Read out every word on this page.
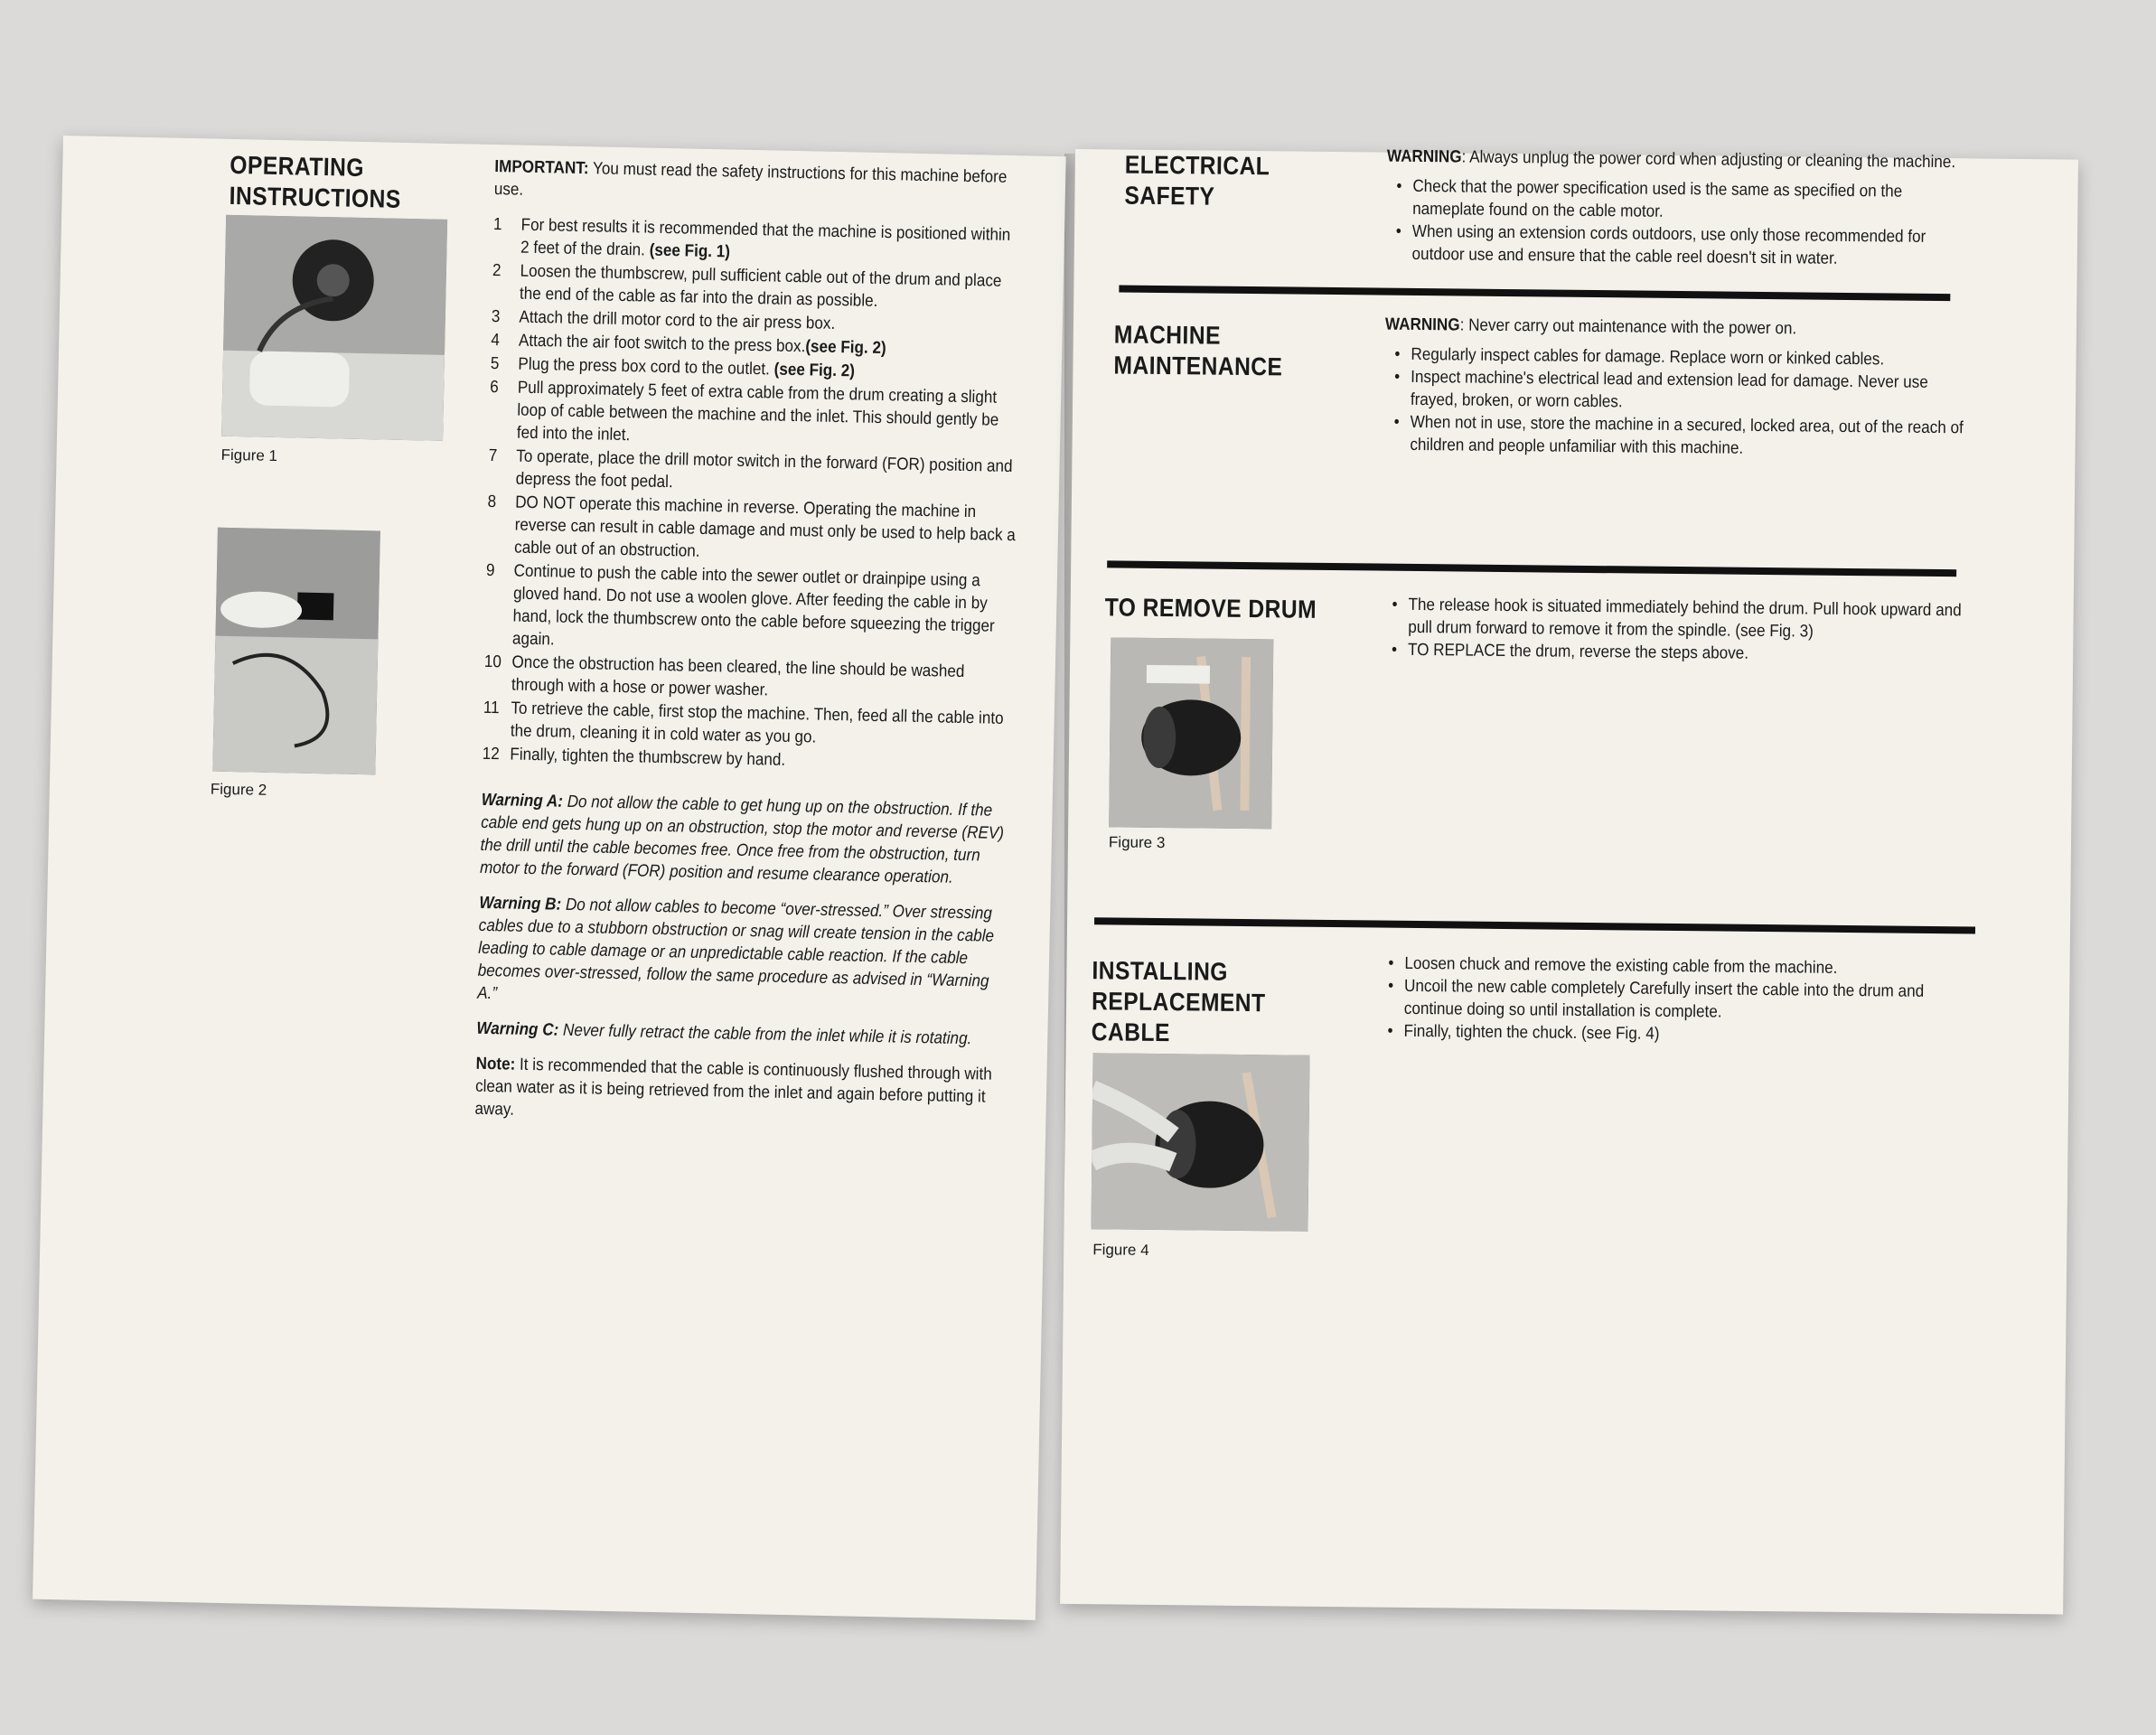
OPERATING
INSTRUCTIONS
Figure 1
Figure 2
IMPORTANT: You must read the safety instructions for this machine before use.
1 For best results it is recommended that the machine is positioned within 2 feet of the drain. (see Fig. 1)
2 Loosen the thumbscrew, pull sufficient cable out of the drum and place the end of the cable as far into the drain as possible.
3 Attach the drill motor cord to the air press box.
4 Attach the air foot switch to the press box.(see Fig. 2)
5 Plug the press box cord to the outlet. (see Fig. 2)
6 Pull approximately 5 feet of extra cable from the drum creating a slight loop of cable between the machine and the inlet. This should gently be fed into the inlet.
7 To operate, place the drill motor switch in the forward (FOR) position and depress the foot pedal.
8 DO NOT operate this machine in reverse. Operating the machine in reverse can result in cable damage and must only be used to help back a cable out of an obstruction.
9 Continue to push the cable into the sewer outlet or drainpipe using a gloved hand. Do not use a woolen glove. After feeding the cable in by hand, lock the thumbscrew onto the cable before squeezing the trigger again.
10 Once the obstruction has been cleared, the line should be washed through with a hose or power washer.
11 To retrieve the cable, first stop the machine. Then, feed all the cable into the drum, cleaning it in cold water as you go.
12 Finally, tighten the thumbscrew by hand.

Warning A: Do not allow the cable to get hung up on the obstruction. If the cable end gets hung up on an obstruction, stop the motor and reverse (REV) the drill until the cable becomes free. Once free from the obstruction, turn motor to the forward (FOR) position and resume clearance operation.

Warning B: Do not allow cables to become “over-stressed.” Over stressing cables due to a stubborn obstruction or snag will create tension in the cable leading to cable damage or an unpredictable cable reaction. If the cable becomes over-stressed, follow the same procedure as advised in “Warning A.”

Warning C: Never fully retract the cable from the inlet while it is rotating.

Note: It is recommended that the cable is continuously flushed through with clean water as it is being retrieved from the inlet and again before putting it away.

ELECTRICAL
SAFETY
WARNING: Always unplug the power cord when adjusting or cleaning the machine.
• Check that the power specification used is the same as specified on the nameplate found on the cable motor.
• When using an extension cords outdoors, use only those recommended for outdoor use and ensure that the cable reel doesn't sit in water.
MACHINE
MAINTENANCE
WARNING: Never carry out maintenance with the power on.
• Regularly inspect cables for damage. Replace worn or kinked cables.
• Inspect machine's electrical lead and extension lead for damage. Never use frayed, broken, or worn cables.
• When not in use, store the machine in a secured, locked area, out of the reach of children and people unfamiliar with this machine.
TO REMOVE DRUM
•	The release hook is situated immediately behind the drum. Pull hook upward and pull drum forward to remove it from the spindle. (see Fig. 3)
• TO REPLACE the drum, reverse the steps above.
Figure 3
INSTALLING
REPLACEMENT
CABLE
• Loosen chuck and remove the existing cable from the machine.
• Uncoil the new cable completely Carefully insert the cable into the drum and continue doing so until installation is complete.
• Finally, tighten the chuck. (see Fig. 4)
Figure 4
